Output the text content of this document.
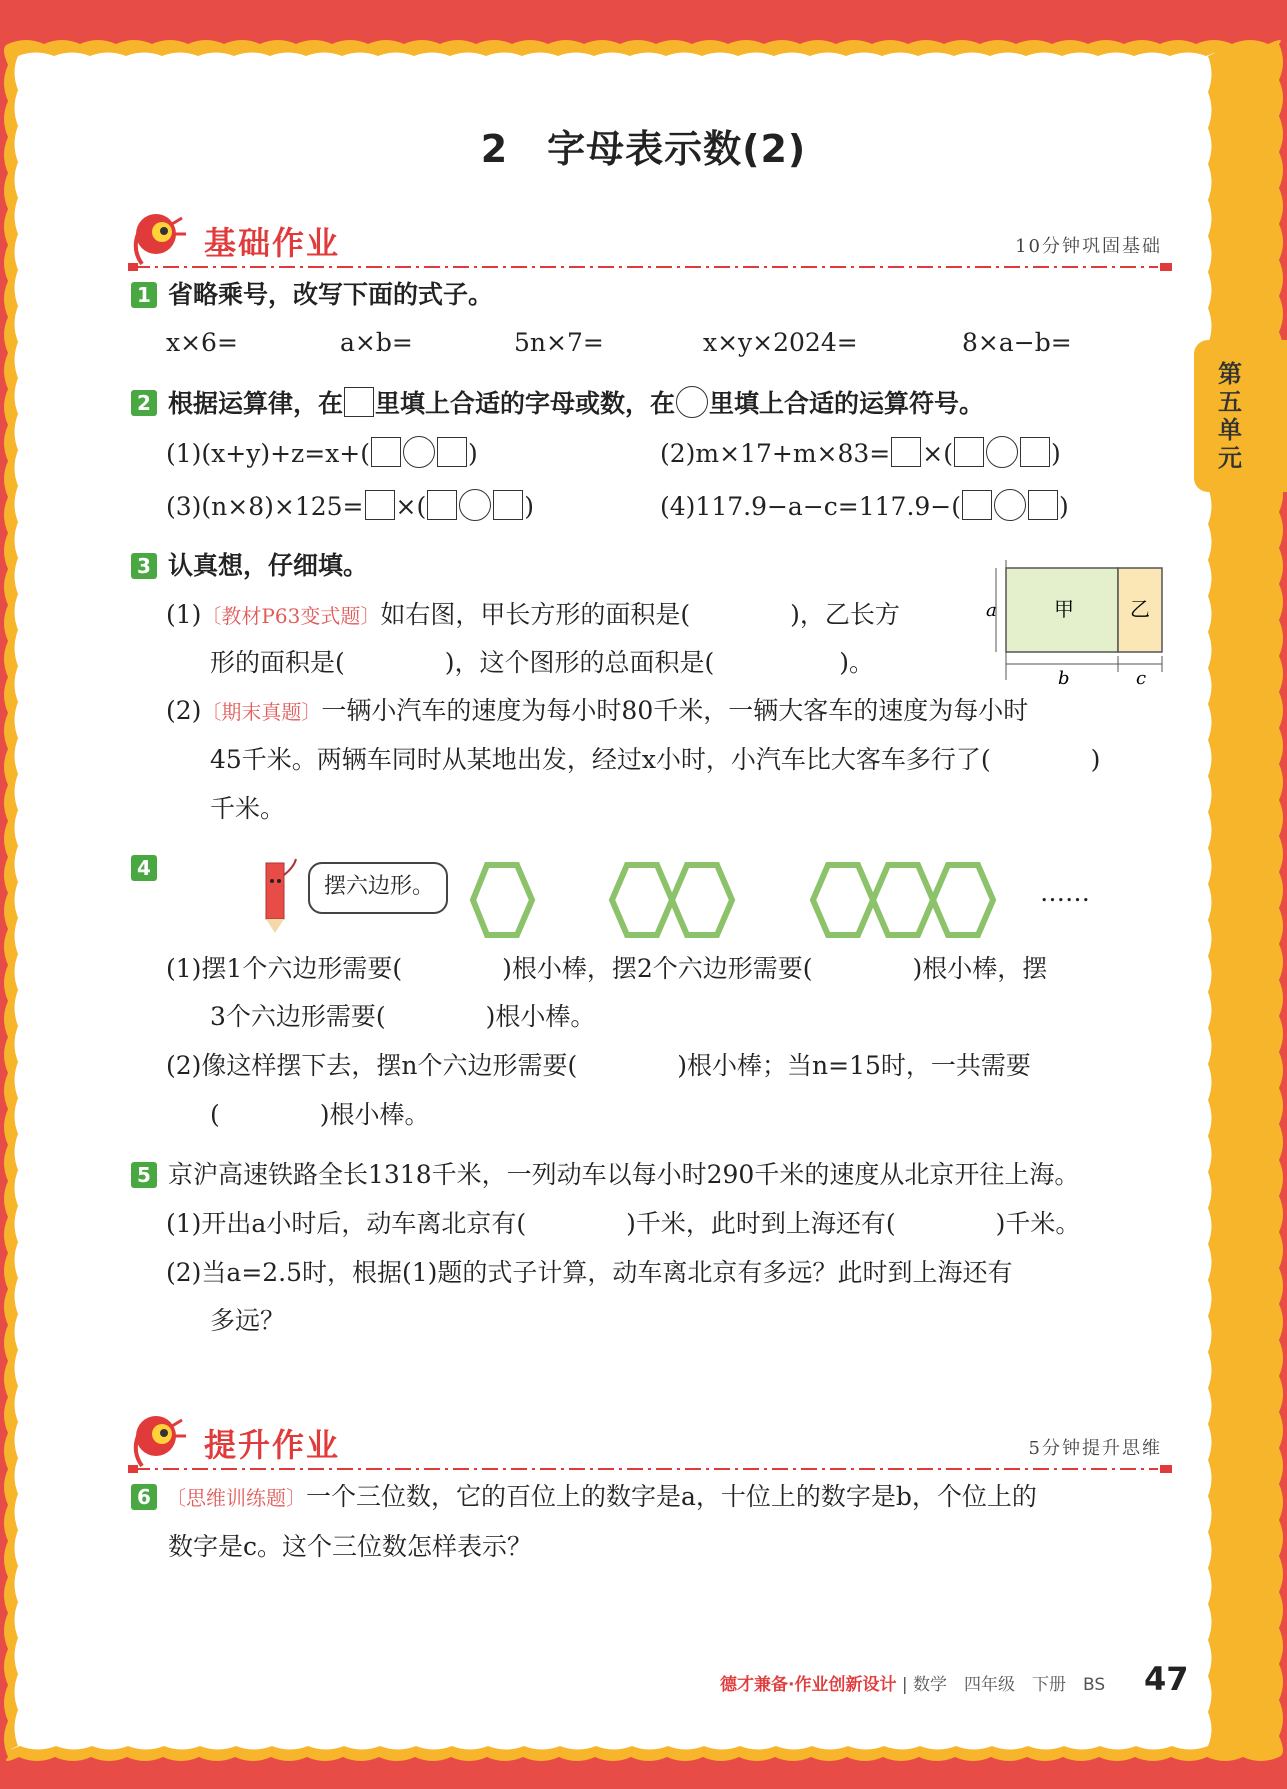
2　字母表示数(2)
第五单元
基础作业	10分钟巩固基础
1 省略乘号，改写下面的式子。
x×6=	a×b=	5n×7=	x×y×2024=	8×a−b=
2 根据运算律，在 里填上合适的字母或数，在 里填上合适的运算符号。
(1)(x+y)+z=x+(	)	(2)m×17+m×83= ×(	)
(3)(n×8)×125= ×(	)	(4)117.9−a−c=117.9−(	)
3 认真想，仔细填。
(1)〔教材P63变式题〕如右图，甲长方形的面积是(　　　　)，乙长方
形的面积是(　　　　)，这个图形的总面积是(　　　　　)。
a	甲	乙
b	c
(2)〔期末真题〕一辆小汽车的速度为每小时80千米，一辆大客车的速度为每小时
45千米。两辆车同时从某地出发，经过x小时，小汽车比大客车多行了(　　　　)
千米。
4
摆六边形。	……
(1)摆1个六边形需要(　　　　)根小棒，摆2个六边形需要(　　　　)根小棒，摆
3个六边形需要(　　　　)根小棒。
(2)像这样摆下去，摆n个六边形需要(　　　　)根小棒；当n=15时，一共需要
(　　　　)根小棒。
5 京沪高速铁路全长1318千米，一列动车以每小时290千米的速度从北京开往上海。
(1)开出a小时后，动车离北京有(　　　　)千米，此时到上海还有(　　　　)千米。
(2)当a=2.5时，根据(1)题的式子计算，动车离北京有多远？此时到上海还有
多远？
提升作业	5分钟提升思维
6 〔思维训练题〕一个三位数，它的百位上的数字是a，十位上的数字是b，个位上的
数字是c。这个三位数怎样表示？
德才兼备·作业创新设计 | 数学　四年级　下册　BS 47
